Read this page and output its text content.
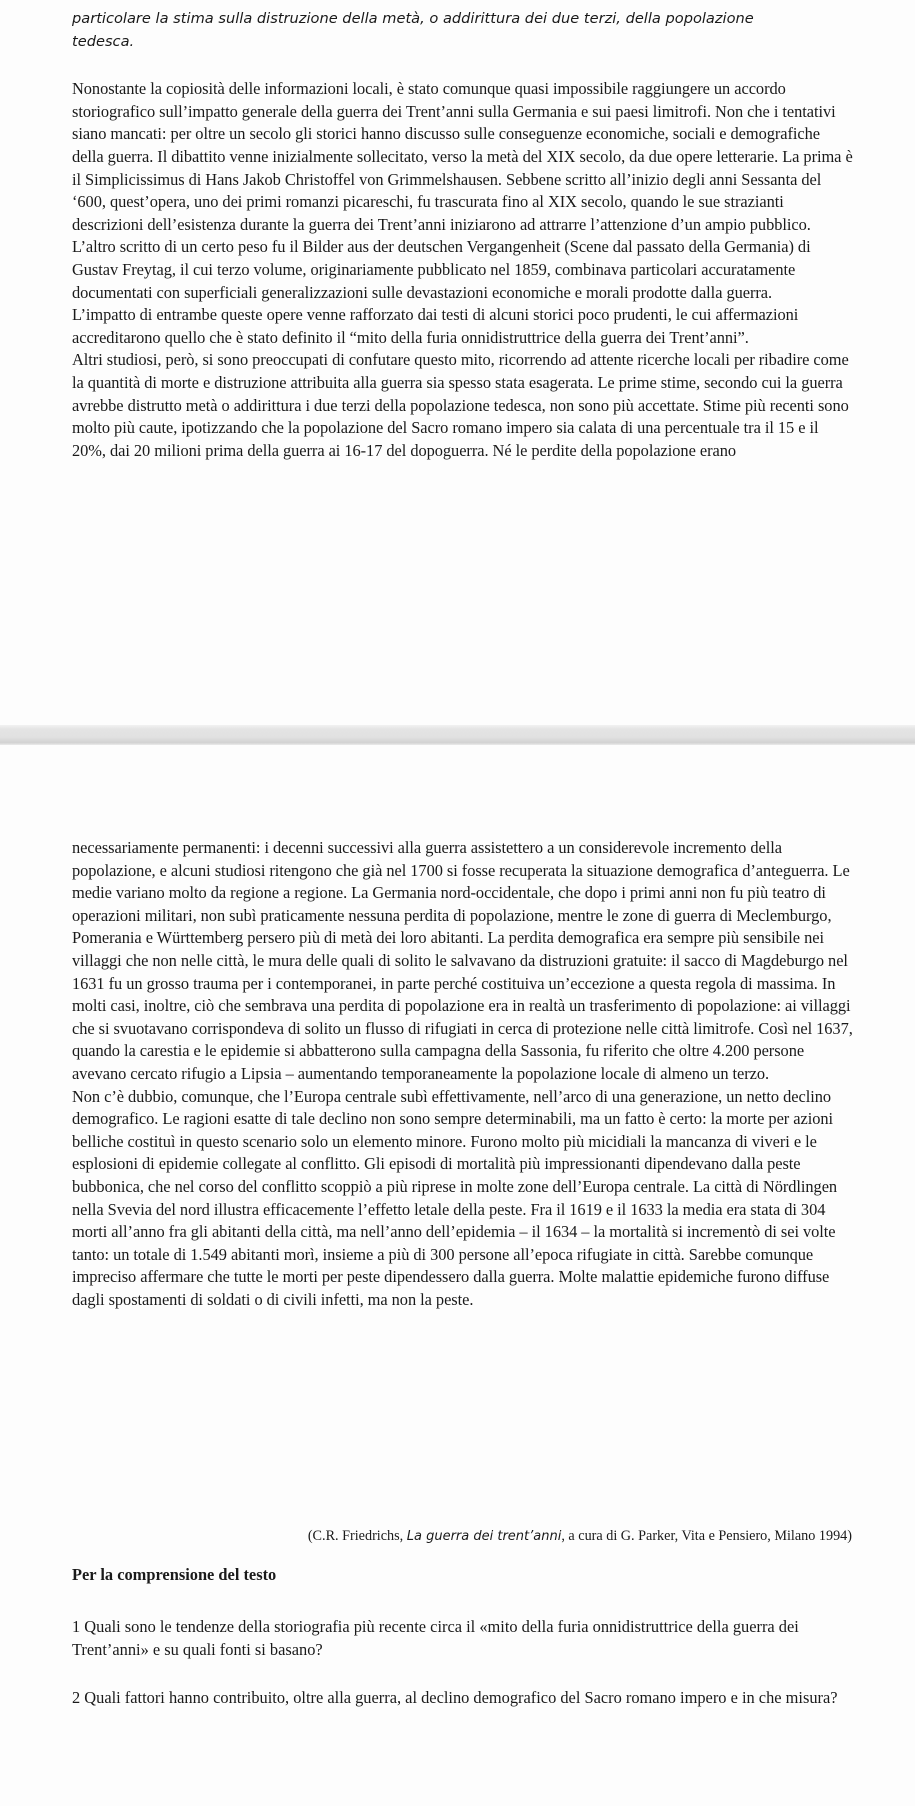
particolare la stima sulla distruzione della metà, o addirittura dei due terzi, della popolazione

tedesca.

Nonostante la copiosità delle informazioni locali, è stato comunque quasi impossibile raggiungere un accordo storiografico sull’impatto generale della guerra dei Trent’anni sulla Germania e sui paesi limitrofi. Non che i tentativi siano mancati: per oltre un secolo gli storici hanno discusso sulle conseguenze economiche, sociali e demografiche della guerra. Il dibattito venne inizialmente sollecitato, verso la metà del XIX secolo, da due opere letterarie. La prima è il Simplicissimus di Hans Jakob Christoffel von Grimmelshausen. Sebbene scritto all’inizio degli anni Sessanta del ‘600, quest’opera, uno dei primi romanzi picareschi, fu trascurata fino al XIX secolo, quando le sue strazianti descrizioni dell’esistenza durante la guerra dei Trent’anni iniziarono ad attrarre l’attenzione d’un ampio pubblico. L’altro scritto di un certo peso fu il Bilder aus der deutschen Vergangenheit (Scene dal passato della Germania) di Gustav Freytag, il cui terzo volume, originariamente pubblicato nel 1859, combinava particolari accuratamente documentati con superficiali generalizzazioni sulle devastazioni economiche e morali prodotte dalla guerra.

L’impatto di entrambe queste opere venne rafforzato dai testi di alcuni storici poco prudenti, le cui affermazioni accreditarono quello che è stato definito il “mito della furia onnidistruttrice della guerra dei Trent’anni”.

Altri studiosi, però, si sono preoccupati di confutare questo mito, ricorrendo ad attente ricerche locali per ribadire come la quantità di morte e distruzione attribuita alla guerra sia spesso stata esagerata. Le prime stime, secondo cui la guerra avrebbe distrutto metà o addirittura i due terzi della popolazione tedesca, non sono più accettate. Stime più recenti sono molto più caute, ipotizzando che la popolazione del Sacro romano impero sia calata di una percentuale tra il 15 e il 20%, dai 20 milioni prima della guerra ai 16-17 del dopoguerra. Né le perdite della popolazione erano

necessariamente permanenti: i decenni successivi alla guerra assistettero a un considerevole incremento della popolazione, e alcuni studiosi ritengono che già nel 1700 si fosse recuperata la situazione demografica d’anteguerra. Le medie variano molto da regione a regione. La Germania nord-occidentale, che dopo i primi anni non fu più teatro di operazioni militari, non subì praticamente nessuna perdita di popolazione, mentre le zone di guerra di Meclemburgo, Pomerania e Württemberg persero più di metà dei loro abitanti. La perdita demografica era sempre più sensibile nei villaggi che non nelle città, le mura delle quali di solito le salvavano da distruzioni gratuite: il sacco di Magdeburgo nel 1631 fu un grosso trauma per i contemporanei, in parte perché costituiva un’eccezione a questa regola di massima. In molti casi, inoltre, ciò che sembrava una perdita di popolazione era in realtà un trasferimento di popolazione: ai villaggi che si svuotavano corrispondeva di solito un flusso di rifugiati in cerca di protezione nelle città limitrofe. Così nel 1637, quando la carestia e le epidemie si abbatterono sulla campagna della Sassonia, fu riferito che oltre 4.200 persone avevano cercato rifugio a Lipsia – aumentando temporaneamente la popolazione locale di almeno un terzo.

Non c’è dubbio, comunque, che l’Europa centrale subì effettivamente, nell’arco di una generazione, un netto declino demografico. Le ragioni esatte di tale declino non sono sempre determinabili, ma un fatto è certo: la morte per azioni belliche costituì in questo scenario solo un elemento minore. Furono molto più micidiali la mancanza di viveri e le esplosioni di epidemie collegate al conflitto. Gli episodi di mortalità più impressionanti dipendevano dalla peste bubbonica, che nel corso del conflitto scoppiò a più riprese in molte zone dell’Europa centrale. La città di Nördlingen nella Svevia del nord illustra efficacemente l’effetto letale della peste. Fra il 1619 e il 1633 la media era stata di 304 morti all’anno fra gli abitanti della città, ma nell’anno dell’epidemia – il 1634 – la mortalità si incrementò di sei volte tanto: un totale di 1.549 abitanti morì, insieme a più di 300 persone all’epoca rifugiate in città. Sarebbe comunque impreciso affermare che tutte le morti per peste dipendessero dalla guerra. Molte malattie epidemiche furono diffuse dagli spostamenti di soldati o di civili infetti, ma non la peste.

(C.R. Friedrichs, La guerra dei trent’anni, a cura di G. Parker, Vita e Pensiero, Milano 1994)
Per la comprensione del testo

1 Quali sono le tendenze della storiografia più recente circa il «mito della furia onnidistruttrice della guerra dei Trent’anni» e su quali fonti si basano?

2 Quali fattori hanno contribuito, oltre alla guerra, al declino demografico del Sacro romano impero e in che misura?
